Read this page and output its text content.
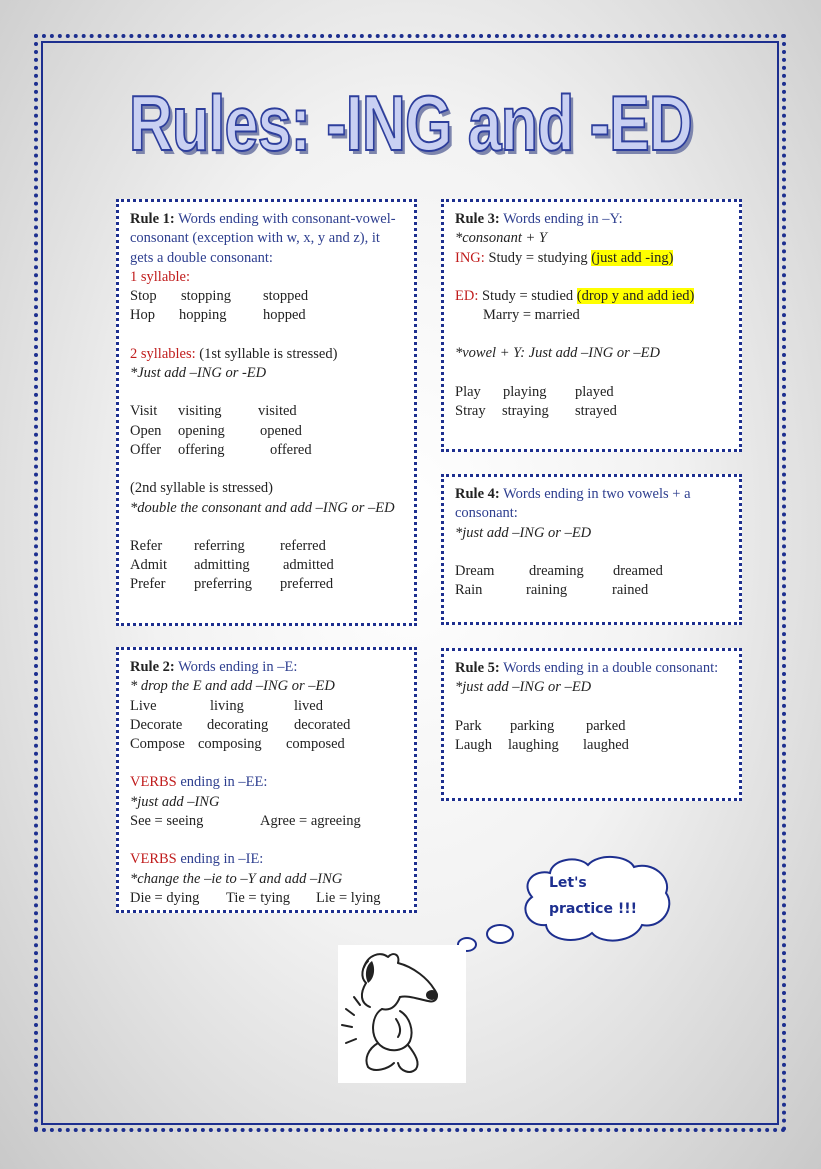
Rules: -ING and -ED

Rule 1: Words ending with consonant-vowel- consonant (exception with w, x, y and z), it gets a double consonant:

1 syllable:

Stop	stopping	stopped
Hop	hopping	hopped

2 syllables: (1st syllable is stressed)

*Just add –ING or -ED

Visit	visiting	visited
Open	opening	opened
Offer	offering	offered

(2nd syllable is stressed)

*double the consonant and add –ING or –ED

Refer	referring	referred
Admit	admitting	admitted
Prefer	preferring	preferred

Rule 2: Words ending in –E:

* drop the E and add –ING or –ED

Live	living	lived
Decorate	decorating	decorated
Compose composing	composed

VERBS ending in –EE:

*just add –ING

See = seeing	Agree = agreeing

VERBS ending in –IE:

*change the –ie to –Y and add –ING

Die = dying	Tie = tying	Lie = lying

Rule 3: Words ending in –Y:

*consonant + Y

ING: Study = studying (just add -ing)

ED: Study = studied (drop y and add ied)

Marry = married

*vowel + Y: Just add –ING or –ED

Play	playing	played
Stray	straying	strayed

Rule 4: Words ending in two vowels + a consonant:

*just add –ING or –ED

Dream	dreaming	dreamed
Rain	raining	rained

Rule 5: Words ending in a double consonant:

*just add –ING or –ED

Park	parking	parked
Laugh	laughing	laughed
Let's
practice !!!
